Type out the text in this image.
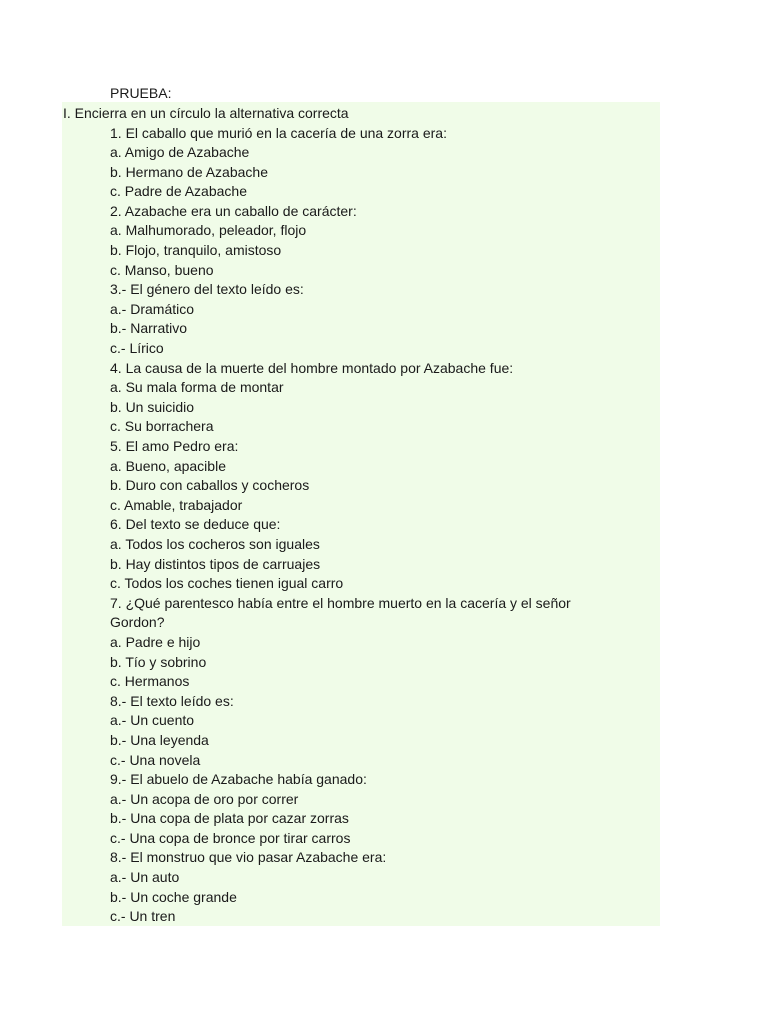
PRUEBA:
I. Encierra en un círculo la alternativa correcta
1. El caballo que murió en la cacería de una zorra era:
a. Amigo de Azabache
b. Hermano de Azabache
c. Padre de Azabache
2. Azabache era un caballo de carácter:
a. Malhumorado, peleador, flojo
b. Flojo, tranquilo, amistoso
c. Manso, bueno
3.- El género del texto leído es:
a.- Dramático
b.- Narrativo
c.- Lírico
4. La causa de la muerte del hombre montado por Azabache fue:
a. Su mala forma de montar
b. Un suicidio
c. Su borrachera
5. El amo Pedro era:
a. Bueno, apacible
b. Duro con caballos y cocheros
c. Amable, trabajador
6. Del texto se deduce que:
a. Todos los cocheros son iguales
b. Hay distintos tipos de carruajes
c. Todos los coches tienen igual carro
7. ¿Qué parentesco había entre el hombre muerto en la cacería y el señor
Gordon?
a. Padre e hijo
b. Tío y sobrino
c. Hermanos
8.- El texto leído es:
a.- Un cuento
b.- Una leyenda
c.- Una novela
9.- El abuelo de Azabache había ganado:
a.- Un acopa de oro por correr
b.- Una copa de plata por cazar zorras
c.- Una copa de bronce por tirar carros
8.- El monstruo que vio pasar Azabache era:
a.- Un auto
b.- Un coche grande
c.- Un tren
